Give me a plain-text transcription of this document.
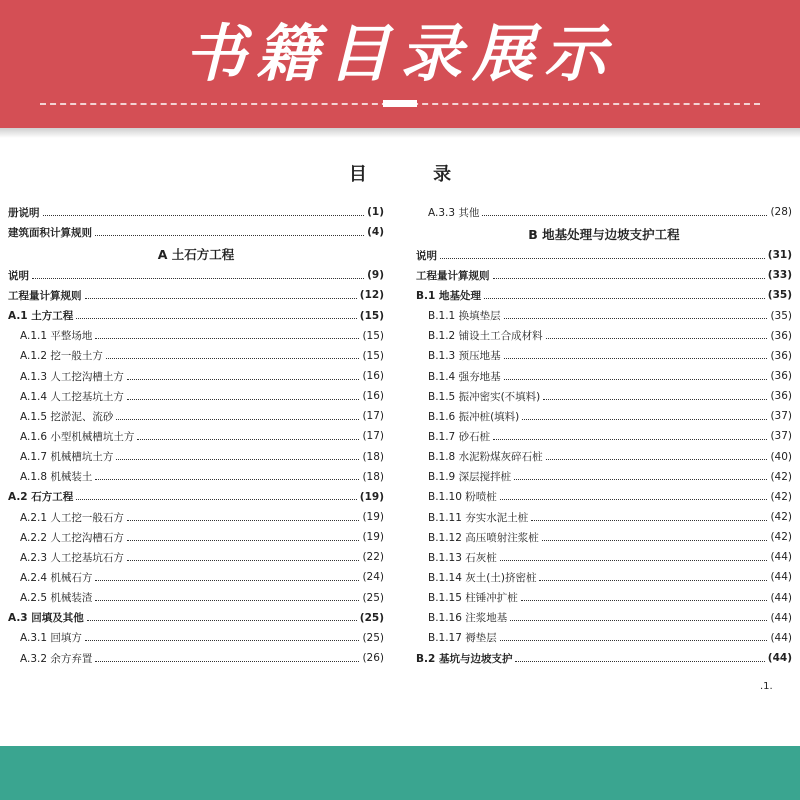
书籍目录展示
目 录
册说明	(1)
建筑面积计算规则	(4)
A 土石方工程
说明	(9)
工程量计算规则	(12)
A.1 土方工程	(15)
A.1.1 平整场地	(15)
A.1.2 挖一般土方	(15)
A.1.3 人工挖沟槽土方	(16)
A.1.4 人工挖基坑土方	(16)
A.1.5 挖淤泥、流砂	(17)
A.1.6 小型机械槽坑土方	(17)
A.1.7 机械槽坑土方	(18)
A.1.8 机械装土	(18)
A.2 石方工程	(19)
A.2.1 人工挖一般石方	(19)
A.2.2 人工挖沟槽石方	(19)
A.2.3 人工挖基坑石方	(22)
A.2.4 机械石方	(24)
A.2.5 机械装渣	(25)
A.3 回填及其他	(25)
A.3.1 回填方	(25)
A.3.2 余方弃置	(26)
A.3.3 其他	(28)
B 地基处理与边坡支护工程
说明	(31)
工程量计算规则	(33)
B.1 地基处理	(35)
B.1.1 换填垫层	(35)
B.1.2 铺设土工合成材料	(36)
B.1.3 预压地基	(36)
B.1.4 强夯地基	(36)
B.1.5 振冲密实(不填料)	(36)
B.1.6 振冲桩(填料)	(37)
B.1.7 砂石桩	(37)
B.1.8 水泥粉煤灰碎石桩	(40)
B.1.9 深层搅拌桩	(42)
B.1.10 粉喷桩	(42)
B.1.11 夯实水泥土桩	(42)
B.1.12 高压喷射注浆桩	(42)
B.1.13 石灰桩	(44)
B.1.14 灰土(土)挤密桩	(44)
B.1.15 柱锤冲扩桩	(44)
B.1.16 注浆地基	(44)
B.1.17 褥垫层	(44)
B.2 基坑与边坡支护	(44)
.1.
